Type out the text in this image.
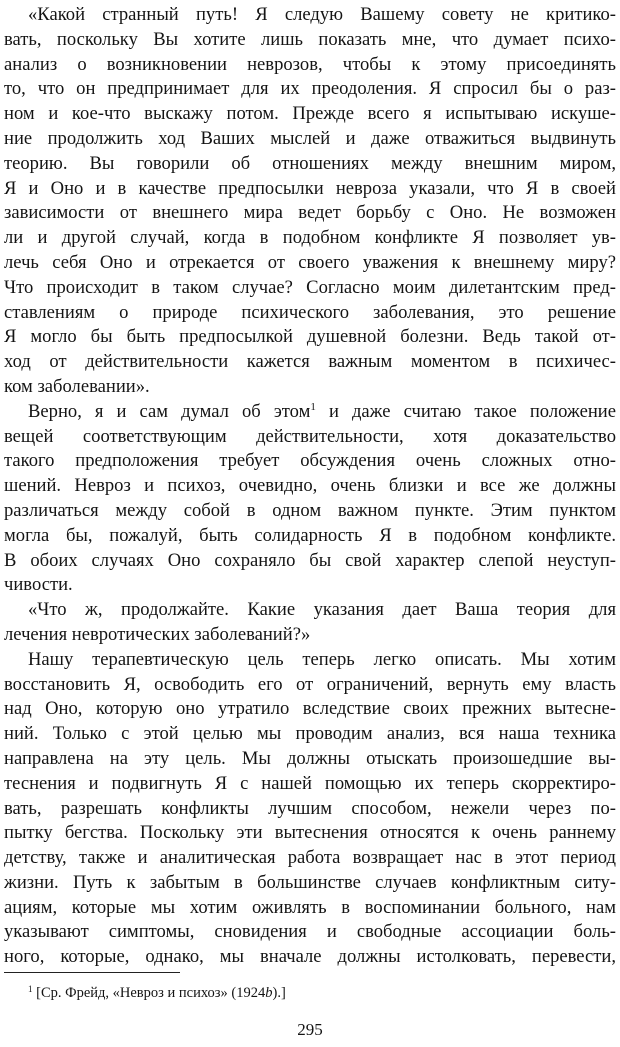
«Какой странный путь! Я следую Вашему совету не критико-
вать, поскольку Вы хотите лишь показать мне, что думает психо-
анализ о возникновении неврозов, чтобы к этому присоединять
то, что он предпринимает для их преодоления. Я спросил бы о раз-
ном и кое-что выскажу потом. Прежде всего я испытываю искуше-
ние продолжить ход Ваших мыслей и даже отважиться выдвинуть
теорию. Вы говорили об отношениях между внешним миром,
Я и Оно и в качестве предпосылки невроза указали, что Я в своей
зависимости от внешнего мира ведет борьбу с Оно. Не возможен
ли и другой случай, когда в подобном конфликте Я позволяет ув-
лечь себя Оно и отрекается от своего уважения к внешнему миру?
Что происходит в таком случае? Согласно моим дилетантским пред-
ставлениям о природе психического заболевания, это решение
Я могло бы быть предпосылкой душевной болезни. Ведь такой от-
ход от действительности кажется важным моментом в психичес-
ком заболевании».
Верно, я и сам думал об этом$^1$ и даже считаю такое положение
вещей соответствующим действительности, хотя доказательство
такого предположения требует обсуждения очень сложных отно-
шений. Невроз и психоз, очевидно, очень близки и все же должны
различаться между собой в одном важном пункте. Этим пунктом
могла бы, пожалуй, быть солидарность Я в подобном конфликте.
В обоих случаях Оно сохраняло бы свой характер слепой неуступ-
чивости.
«Что ж, продолжайте. Какие указания дает Ваша теория для
лечения невротических заболеваний?»
Нашу терапевтическую цель теперь легко описать. Мы хотим
восстановить Я, освободить его от ограничений, вернуть ему власть
над Оно, которую оно утратило вследствие своих прежних вытесне-
ний. Только с этой целью мы проводим анализ, вся наша техника
направлена на эту цель. Мы должны отыскать произошедшие вы-
теснения и подвигнуть Я с нашей помощью их теперь скорректиро-
вать, разрешать конфликты лучшим способом, нежели через по-
пытку бегства. Поскольку эти вытеснения относятся к очень раннему
детству, также и аналитическая работа возвращает нас в этот период
жизни. Путь к забытым в большинстве случаев конфликтным ситу-
ациям, которые мы хотим оживлять в воспоминании больного, нам
указывают симптомы, сновидения и свободные ассоциации боль-
ного, которые, однако, мы вначале должны истолковать, перевести,
$^1$ [Ср. Фрейд, «Невроз и психоз» (1924b).]
295
